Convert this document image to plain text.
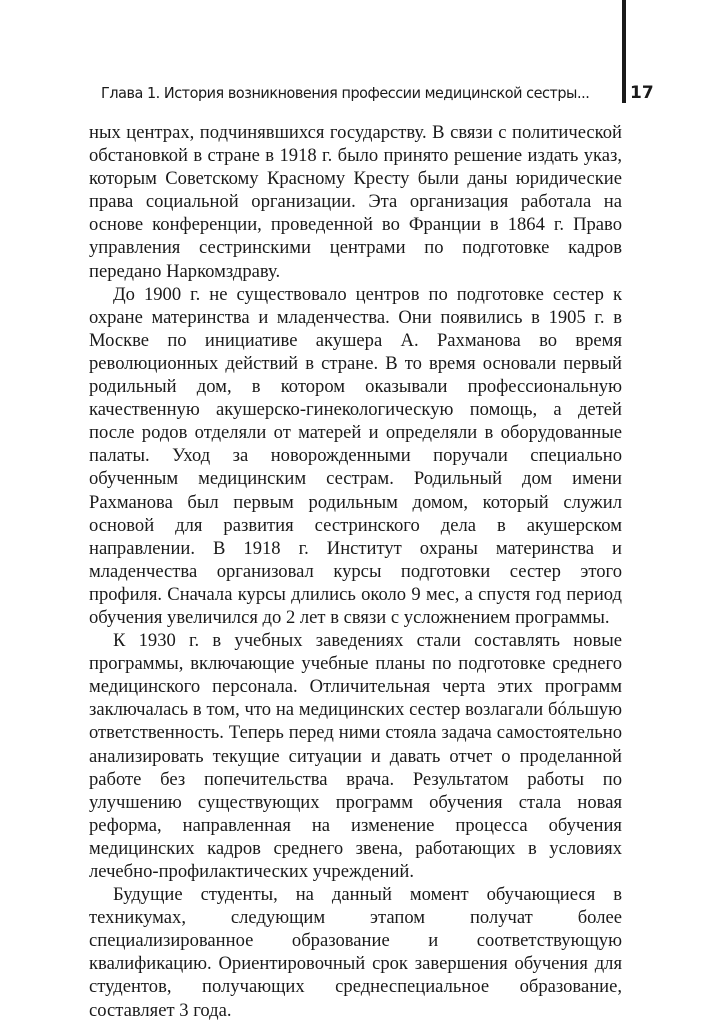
Глава 1. История возникновения профессии медицинской сестры... 17

ных центрах, подчинявшихся государству. В связи с политической обстановкой в стране в 1918 г. было принято решение издать указ, которым Советскому Красному Кресту были даны юридические права социальной организации. Эта организация работала на основе конференции, проведенной во Франции в 1864 г. Право управления сестринскими центрами по подготовке кадров передано Наркомздраву.

До 1900 г. не существовало центров по подготовке сестер к охране материнства и младенчества. Они появились в 1905 г. в Москве по инициативе акушера А. Рахманова во время революционных действий в стране. В то время основали первый родильный дом, в котором оказывали профессиональную качественную акушерско-гинекологическую помощь, а детей после родов отделяли от матерей и определяли в оборудованные палаты. Уход за новорожденными поручали специально обученным медицинским сестрам. Родильный дом имени Рахманова был первым родильным домом, который служил основой для развития сестринского дела в акушерском направлении. В 1918 г. Институт охраны материнства и младенчества организовал курсы подготовки сестер этого профиля. Сначала курсы длились около 9 мес, а спустя год период обучения увеличился до 2 лет в связи с усложнением программы.

К 1930 г. в учебных заведениях стали составлять новые программы, включающие учебные планы по подготовке среднего медицинского персонала. Отличительная черта этих программ заключалась в том, что на медицинских сестер возлагали бóльшую ответственность. Теперь перед ними стояла задача самостоятельно анализировать текущие ситуации и давать отчет о проделанной работе без попечительства врача. Результатом работы по улучшению существующих программ обучения стала новая реформа, направленная на изменение процесса обучения медицинских кадров среднего звена, работающих в условиях лечебно-профилактических учреждений.

Будущие студенты, на данный момент обучающиеся в техникумах, следующим этапом получат более специализированное образование и соответствующую квалификацию. Ориентировочный срок завершения обучения для студентов, получающих среднеспециальное образование, составляет 3 года.
